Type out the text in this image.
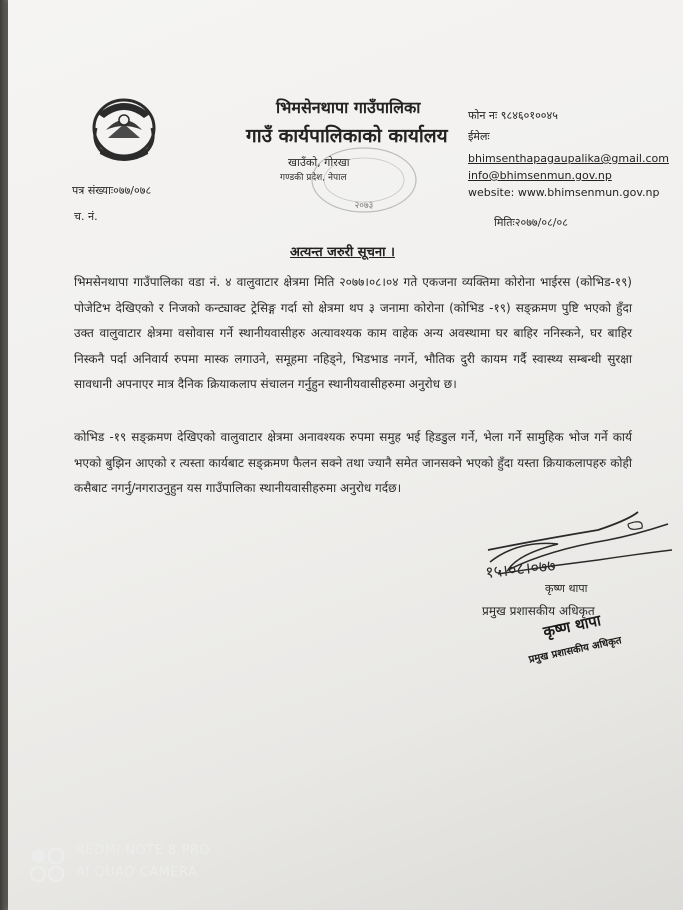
भिमसेनथापा गाउँपालिका
गाउँ कार्यपालिकाको कार्यालय
खाउँको, गोरखा
गण्डकी प्रदेश, नेपाल
२०७३
फोन नः ९८४६०१००४५
ईमेलः
bhimsenthapagaupalika@gmail.com
info@bhimsenmun.gov.np
website: www.bhimsenmun.gov.np
पत्र संख्याः०७७/०७८
च. नं.	मितिः२०७७/०८/०८
अत्यन्त जरुरी सूचना ।
भिमसेनथापा गाउँपालिका वडा नं. ४ वालुवाटार क्षेत्रमा मिति २०७७।०८।०४ गते एकजना व्यक्तिमा कोरोना भाईरस (कोभिड-१९) पोजेटिभ देखिएको र निजको कन्ट्याक्ट ट्रेसिङ्ग गर्दा सो क्षेत्रमा थप ३ जनामा कोरोना (कोभिड -१९) सङ्क्रमण पुष्टि भएको हुँदा उक्त वालुवाटार क्षेत्रमा वसोवास गर्ने स्थानीयवासीहरु अत्यावश्यक काम वाहेक अन्य अवस्थामा घर बाहिर ननिस्कने, घर बाहिर निस्कनै पर्दा अनिवार्य रुपमा मास्क लगाउने, समूहमा नहिड्ने, भिडभाड नगर्ने, भौतिक दुरी कायम गर्दै स्वास्थ्य सम्बन्धी सुरक्षा सावधानी अपनाएर मात्र दैनिक क्रियाकलाप संचालन गर्नुहुन स्थानीयवासीहरुमा अनुरोध छ।
कोभिड -१९ सङ्क्रमण देखिएको वालुवाटार क्षेत्रमा अनावश्यक रुपमा समुह भई हिडडुल गर्ने, भेला गर्ने सामुहिक भोज गर्ने कार्य भएको बुझिन आएको र त्यस्ता कार्यबाट सङ्क्रमण फैलन सक्ने तथा ज्यानै समेत जानसक्ने भएको हुँदा यस्ता क्रियाकलापहरु कोही कसैबाट नगर्नु/नगराउनुहुन यस गाउँपालिका स्थानीयवासीहरुमा अनुरोध गर्दछ।
१५।०८।०७७
कृष्ण थापा
प्रमुख प्रशासकीय अधिकृत
कृष्ण थापा
प्रमुख प्रशासकीय अधिकृत
REDMI NOTE 8 PRO
AI QUAD CAMERA
